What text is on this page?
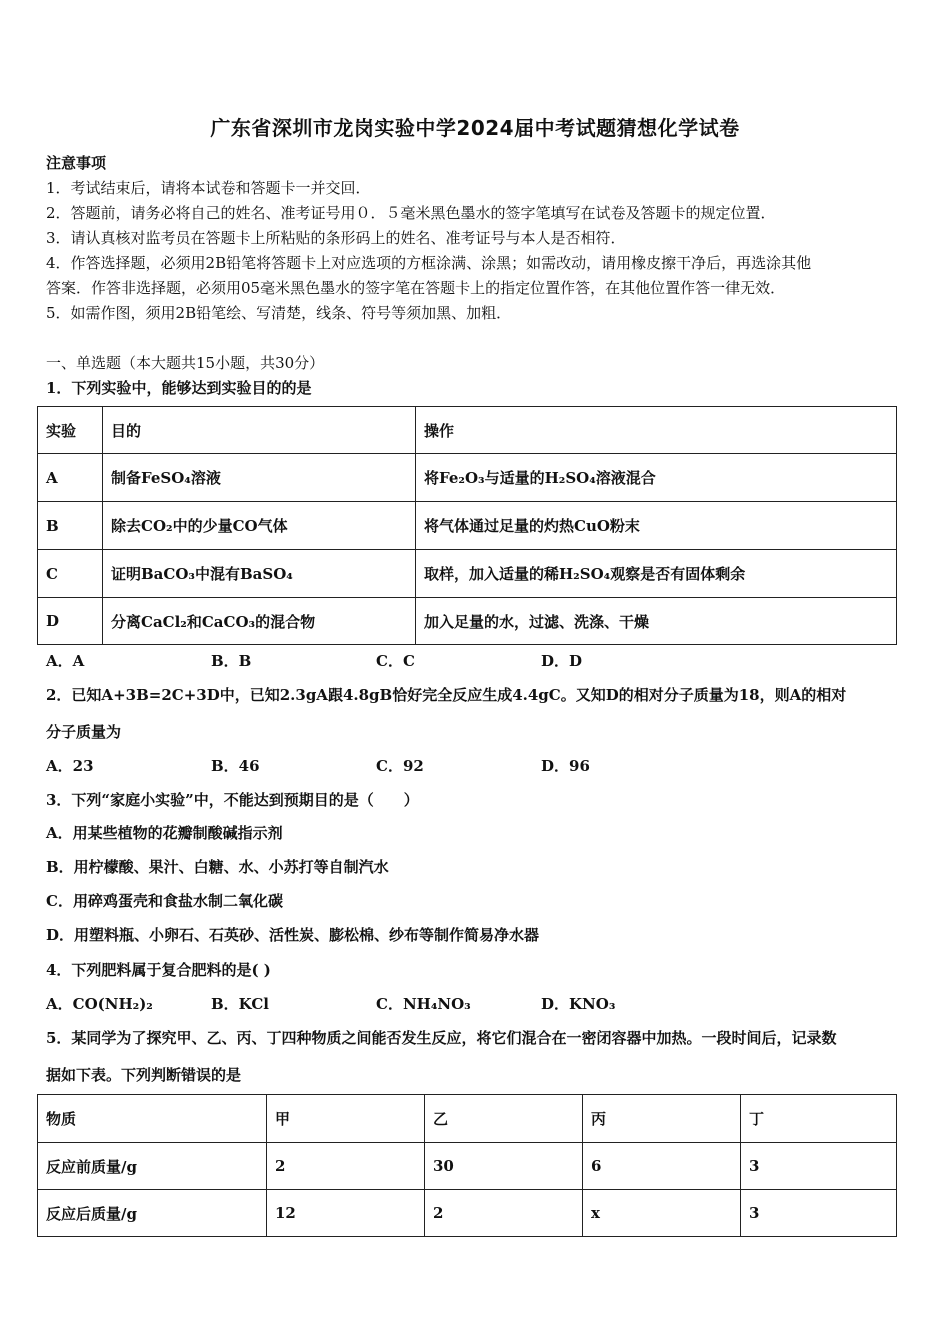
广东省深圳市龙岗实验中学2024届中考试题猜想化学试卷
注意事项
1．考试结束后，请将本试卷和答题卡一并交回．
2．答题前，请务必将自己的姓名、准考证号用０．５毫米黑色墨水的签字笔填写在试卷及答题卡的规定位置．
3．请认真核对监考员在答题卡上所粘贴的条形码上的姓名、准考证号与本人是否相符．
4．作答选择题，必须用2B铅笔将答题卡上对应选项的方框涂满、涂黑；如需改动，请用橡皮擦干净后，再选涂其他
答案．作答非选择题，必须用05毫米黑色墨水的签字笔在答题卡上的指定位置作答，在其他位置作答一律无效．
5．如需作图，须用2B铅笔绘、写清楚，线条、符号等须加黑、加粗．
一、单选题（本大题共15小题，共30分）
1．下列实验中，能够达到实验目的的是
实验	目的	操作
A	制备FeSO₄溶液	将Fe₂O₃与适量的H₂SO₄溶液混合
B	除去CO₂中的少量CO气体	将气体通过足量的灼热CuO粉末
C	证明BaCO₃中混有BaSO₄	取样，加入适量的稀H₂SO₄观察是否有固体剩余
D	分离CaCl₂和CaCO₃的混合物	加入足量的水，过滤、洗涤、干燥
A．A	B．B	C．C	D．D
2．已知A+3B=2C+3D中，已知2.3gA跟4.8gB恰好完全反应生成4.4gC。又知D的相对分子质量为18，则A的相对
分子质量为
A．23	B．46	C．92	D．96
3．下列“家庭小实验”中，不能达到预期目的是（　　）
A．用某些植物的花瓣制酸碱指示剂
B．用柠檬酸、果汁、白糖、水、小苏打等自制汽水
C．用碎鸡蛋壳和食盐水制二氧化碳
D．用塑料瓶、小卵石、石英砂、活性炭、膨松棉、纱布等制作简易净水器
4．下列肥料属于复合肥料的是( )
A．CO(NH₂)₂	B．KCl	C．NH₄NO₃	D．KNO₃
5．某同学为了探究甲、乙、丙、丁四种物质之间能否发生反应，将它们混合在一密闭容器中加热。一段时间后，记录数
据如下表。下列判断错误的是
物质	甲	乙	丙	丁
反应前质量/g	2	30	6	3
反应后质量/g	12	2	x	3
